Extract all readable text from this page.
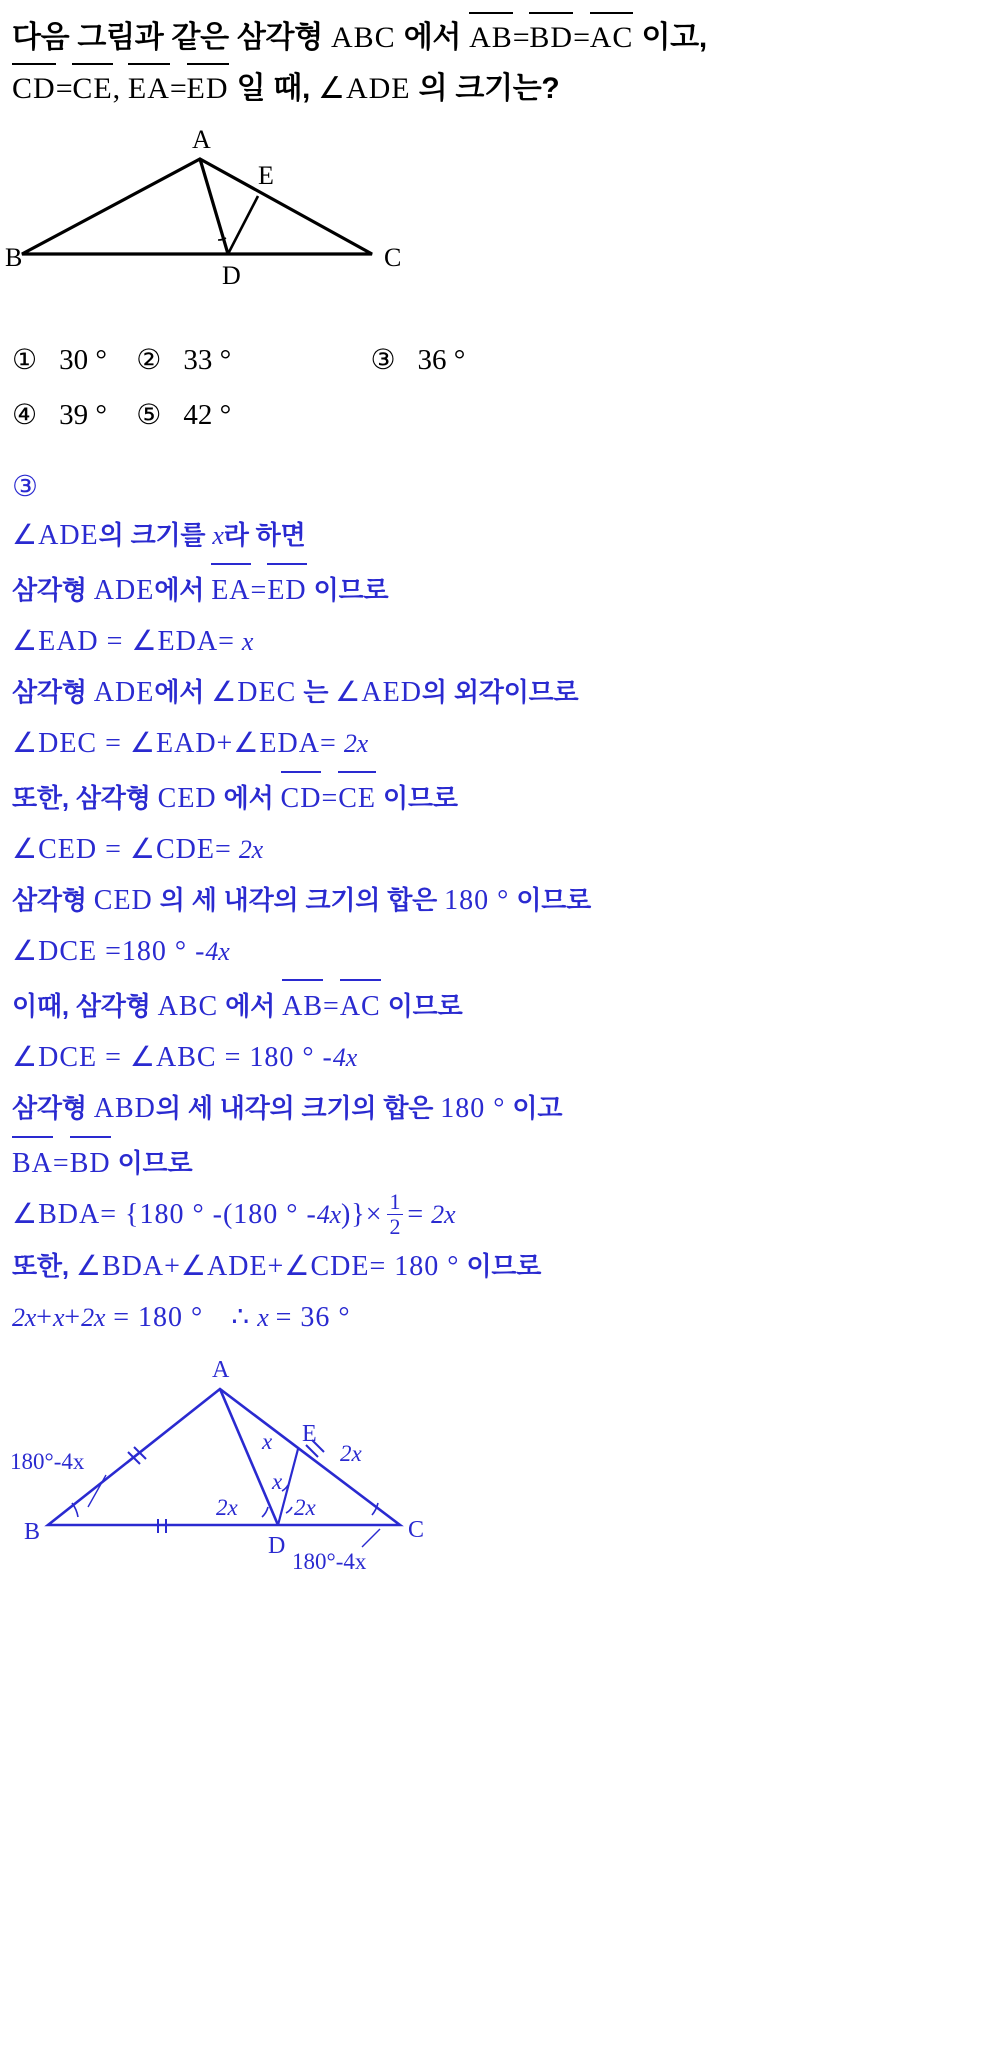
다음 그림과 같은 삼각형 ABC 에서 AB=BD=AC 이고,
CD=CE, EA=ED 일 때, ∠ADE 의 크기는?
A
B	C
D
E
① 30 ° ② 33 °	③ 36 °
④ 39 ° ⑤ 42 °
③
∠ADE의 크기를 x라 하면
삼각형 ADE에서 EA=ED 이므로
∠EAD = ∠EDA= x
삼각형 ADE에서 ∠DEC 는 ∠AED의 외각이므로
∠DEC = ∠EAD+∠EDA= 2x
또한, 삼각형 CED 에서 CD=CE 이므로
∠CED = ∠CDE= 2x
삼각형 CED 의 세 내각의 크기의 합은 180 ° 이므로
∠DCE =180 ° -4x
이때, 삼각형 ABC 에서 AB=AC 이므로
∠DCE = ∠ABC = 180 ° -4x
삼각형 ABD의 세 내각의 크기의 합은 180 ° 이고
BA=BD 이므로
∠BDA= {180 ° -(180 ° $-4x)\}\times \frac{1}{2} = 2x$
또한, ∠BDA+∠ADE+∠CDE= 180 ° 이므로
2x+x+2x = 180 ° ∴ x = 36 °
A
B	C
D
E
180°-4x
180°-4x
x	2x
x
2x 2x
